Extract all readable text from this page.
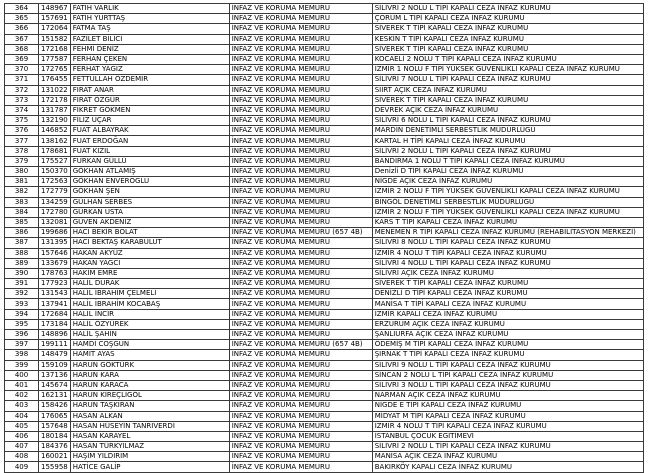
364	148967	FATİH VARLIK	İNFAZ VE KORUMA MEMURU	SİLİVRİ 2 NOLU L TİPİ KAPALI CEZA İNFAZ KURUMU
365	157691	FATİH YURTTAŞ	İNFAZ VE KORUMA MEMURU	ÇORUM L TİPİ KAPALI CEZA İNFAZ KURUMU
366	172064	FATMA TAŞ	İNFAZ VE KORUMA MEMURU	SİVEREK T TİPİ KAPALI CEZA İNFAZ KURUMU
367	151582	FAZİLET BİLİCİ	İNFAZ VE KORUMA MEMURU	KESKİN T TİPİ KAPALI CEZA İNFAZ KURUMU
368	172168	FEHMİ DENİZ	İNFAZ VE KORUMA MEMURU	SİVEREK T TİPİ KAPALI CEZA İNFAZ KURUMU
369	177587	FERHAN ÇEKEN	İNFAZ VE KORUMA MEMURU	KOCAELİ 2 NOLU T TİPİ KAPALI CEZA İNFAZ KURUMU
370	172765	FERHAT YAĞIZ	İNFAZ VE KORUMA MEMURU	İZMİR 1 NOLU F TİPİ YÜKSEK GÜVENLİKLİ KAPALI CEZA İNFAZ KURUMU
371	176455	FETTULLAH ÖZDEMİR	İNFAZ VE KORUMA MEMURU	SİLİVRİ 7 NOLU L TİPİ KAPALI CEZA İNFAZ KURUMU
372	131022	FIRAT ANAR	İNFAZ VE KORUMA MEMURU	SİİRT AÇIK CEZA İNFAZ KURUMU
373	172178	FIRAT ÖZGÜR	İNFAZ VE KORUMA MEMURU	SİVEREK T TİPİ KAPALI CEZA İNFAZ KURUMU
374	131787	FİKRET GÖKMEN	İNFAZ VE KORUMA MEMURU	DEVREK AÇIK CEZA İNFAZ KURUMU
375	132190	FİLİZ UÇAR	İNFAZ VE KORUMA MEMURU	SİLİVRİ 6 NOLU L TİPİ KAPALI CEZA İNFAZ KURUMU
376	146852	FUAT ALBAYRAK	İNFAZ VE KORUMA MEMURU	MARDİN DENETİMLİ SERBESTLİK MÜDÜRLÜĞÜ
377	138162	FUAT ERDOĞAN	İNFAZ VE KORUMA MEMURU	KARTAL H TİPİ KAPALI CEZA İNFAZ KURUMU
378	178681	FUAT KIZIL	İNFAZ VE KORUMA MEMURU	SİLİVRİ 2 NOLU L TİPİ KAPALI CEZA İNFAZ KURUMU
379	175527	FURKAN GÜLLÜ	İNFAZ VE KORUMA MEMURU	BANDIRMA 1 NOLU T TİPİ KAPALI CEZA İNFAZ KURUMU
380	150370	GÖKHAN ATLAMIŞ	İNFAZ VE KORUMA MEMURU	Denizli D TİPİ KAPALI CEZA İNFAZ KURUMU
381	172563	GÖKHAN ENVEROĞLU	İNFAZ VE KORUMA MEMURU	NİĞDE AÇIK CEZA İNFAZ KURUMU
382	172779	GÖKHAN ŞEN	İNFAZ VE KORUMA MEMURU	İZMİR 2 NOLU F TİPİ YÜKSEK GÜVENLİKLİ KAPALI CEZA İNFAZ KURUMU
383	134259	GÜLHAN SERBES	İNFAZ VE KORUMA MEMURU	BİNGÖL DENETİMLİ SERBESTLİK MÜDÜRLÜĞÜ
384	172780	GÜRKAN USTA	İNFAZ VE KORUMA MEMURU	İZMİR 2 NOLU F TİPİ YÜKSEK GÜVENLİKLİ KAPALI CEZA İNFAZ KURUMU
385	132081	GÜVEN AKDENİZ	İNFAZ VE KORUMA MEMURU	KARS T TİPİ KAPALI CEZA İNFAZ KURUMU
386	199686	HACI BEKİR BOLAT	İNFAZ VE KORUMA MEMURU (657 4B)	MENEMEN R TİPİ KAPALI CEZA İNFAZ KURUMU (REHABİLİTASYON MERKEZİ)
387	131395	HACI BEKTAŞ KARABULUT	İNFAZ VE KORUMA MEMURU	SİLİVRİ 8 NOLU L TİPİ KAPALI CEZA İNFAZ KURUMU
388	157646	HAKAN AKYÜZ	İNFAZ VE KORUMA MEMURU	İZMİR 4 NOLU T TİPİ KAPALI CEZA İNFAZ KURUMU
389	133679	HAKAN YAĞCI	İNFAZ VE KORUMA MEMURU	SİLİVRİ 4 NOLU L TİPİ KAPALI CEZA İNFAZ KURUMU
390	178763	HAKİM EMRE	İNFAZ VE KORUMA MEMURU	SİLİVRİ AÇIK CEZA İNFAZ KURUMU
391	177923	HALİL DURAK	İNFAZ VE KORUMA MEMURU	SİVEREK T TİPİ KAPALI CEZA İNFAZ KURUMU
392	131543	HALİL İBRAHİM ÇELMELİ	İNFAZ VE KORUMA MEMURU	DENİZLİ D TİPİ KAPALI CEZA İNFAZ KURUMU
393	137941	HALİL İBRAHİM KOCABAŞ	İNFAZ VE KORUMA MEMURU	MANİSA T TİPİ KAPALI CEZA İNFAZ KURUMU
394	172684	HALİL İNCİR	İNFAZ VE KORUMA MEMURU	İZMİR KAPALI CEZA İNFAZ KURUMU
395	173184	HALİL ÖZYÜREK	İNFAZ VE KORUMA MEMURU	ERZURUM AÇIK CEZA İNFAZ KURUMU
396	148896	HALİL ŞAHİN	İNFAZ VE KORUMA MEMURU	ŞANLIURFA AÇIK CEZA İNFAZ KURUMU
397	199111	HAMDİ COŞGUN	İNFAZ VE KORUMA MEMURU (657 4B)	ÖDEMİŞ M TİPİ KAPALI CEZA İNFAZ KURUMU
398	148479	HAMİT AYAS	İNFAZ VE KORUMA MEMURU	ŞIRNAK T TİPİ KAPALI CEZA İNFAZ KURUMU
399	159109	HARUN GÖKTÜRK	İNFAZ VE KORUMA MEMURU	SİLİVRİ 9 NOLU L TİPİ KAPALI CEZA İNFAZ KURUMU
400	137136	HARUN KARA	İNFAZ VE KORUMA MEMURU	SİNCAN 2 NOLU L TİPİ KAPALI CEZA İNFAZ KURUMU
401	145674	HARUN KARACA	İNFAZ VE KORUMA MEMURU	SİLİVRİ 3 NOLU L TİPİ KAPALI CEZA İNFAZ KURUMU
402	162131	HARUN KİREÇLİGÖL	İNFAZ VE KORUMA MEMURU	NARMAN AÇIK CEZA İNFAZ KURUMU
403	158426	HARUN TAŞKIRAN	İNFAZ VE KORUMA MEMURU	NİĞDE E TİPİ KAPALI CEZA İNFAZ KURUMU
404	176065	HASAN ALKAN	İNFAZ VE KORUMA MEMURU	MİDYAT M TİPİ KAPALI CEZA İNFAZ KURUMU
405	157648	HASAN HÜSEYİN TANRIVERDİ	İNFAZ VE KORUMA MEMURU	İZMİR 4 NOLU T TİPİ KAPALI CEZA İNFAZ KURUMU
406	180184	HASAN KARAYEL	İNFAZ VE KORUMA MEMURU	İSTANBUL ÇOCUK EĞİTİMEVİ
407	184376	HASAN TÜRKYILMAZ	İNFAZ VE KORUMA MEMURU	SİLİVRİ 2 NOLU L TİPİ KAPALI CEZA İNFAZ KURUMU
408	160021	HAŞİM YILDIRIM	İNFAZ VE KORUMA MEMURU	MANİSA AÇIK CEZA İNFAZ KURUMU
409	155958	HATİCE GALİP	İNFAZ VE KORUMA MEMURU	BAKIRKÖY KAPALI CEZA İNFAZ KURUMU
